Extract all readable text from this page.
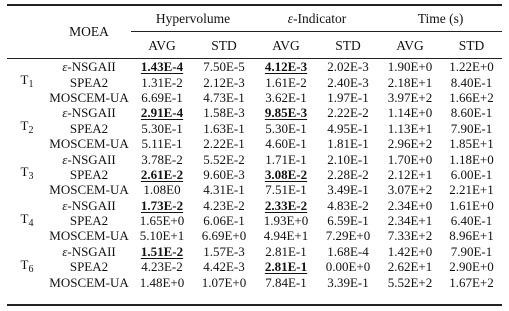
	MOEA	Hypervolume		ε-Indicator		Time (s)	
		AVG	STD	AVG	STD	AVG	STD
$T_1$	ε-NSGAII	1.43E-4	7.50E-5	4.12E-3	2.02E-3	1.90E+0	1.22E+0
	SPEA2	1.31E-2	2.12E-3	1.61E-2	2.40E-3	2.18E+1	8.40E-1
	MOSCEM-UA	6.69E-1	4.73E-1	3.62E-1	1.97E-1	3.97E+2	1.66E+2
$T_2$	ε-NSGAII	2.91E-4	1.58E-3	9.85E-3	2.22E-2	1.14E+0	8.60E-1
	SPEA2	5.30E-1	1.63E-1	5.30E-1	4.95E-1	1.13E+1	7.90E-1
	MOSCEM-UA	5.11E-1	2.22E-1	4.60E-1	1.81E-1	2.96E+2	1.85E+1
$T_3$	ε-NSGAII	3.78E-2	5.52E-2	1.71E-1	2.10E-1	1.70E+0	1.18E+0
	SPEA2	2.61E-2	9.60E-3	3.08E-2	2.28E-2	2.12E+1	6.00E-1
	MOSCEM-UA	1.08E0	4.31E-1	7.51E-1	3.49E-1	3.07E+2	2.21E+1
$T_4$	ε-NSGAII	1.73E-2	4.23E-2	2.33E-2	4.83E-2	2.34E+0	1.61E+0
	SPEA2	1.65E+0	6.06E-1	1.93E+0	6.59E-1	2.34E+1	6.40E-1
	MOSCEM-UA	5.10E+1	6.69E+0	4.94E+1	7.29E+0	7.33E+2	8.96E+1
$T_6$	ε-NSGAII	1.51E-2	1.57E-3	2.81E-1	1.68E-4	1.42E+0	7.90E-1
	SPEA2	4.23E-2	4.42E-3	2.81E-1	0.00E+0	2.62E+1	2.90E+0
	MOSCEM-UA	1.48E+0	1.07E+0	7.84E-1	3.39E-1	5.52E+2	1.67E+2
